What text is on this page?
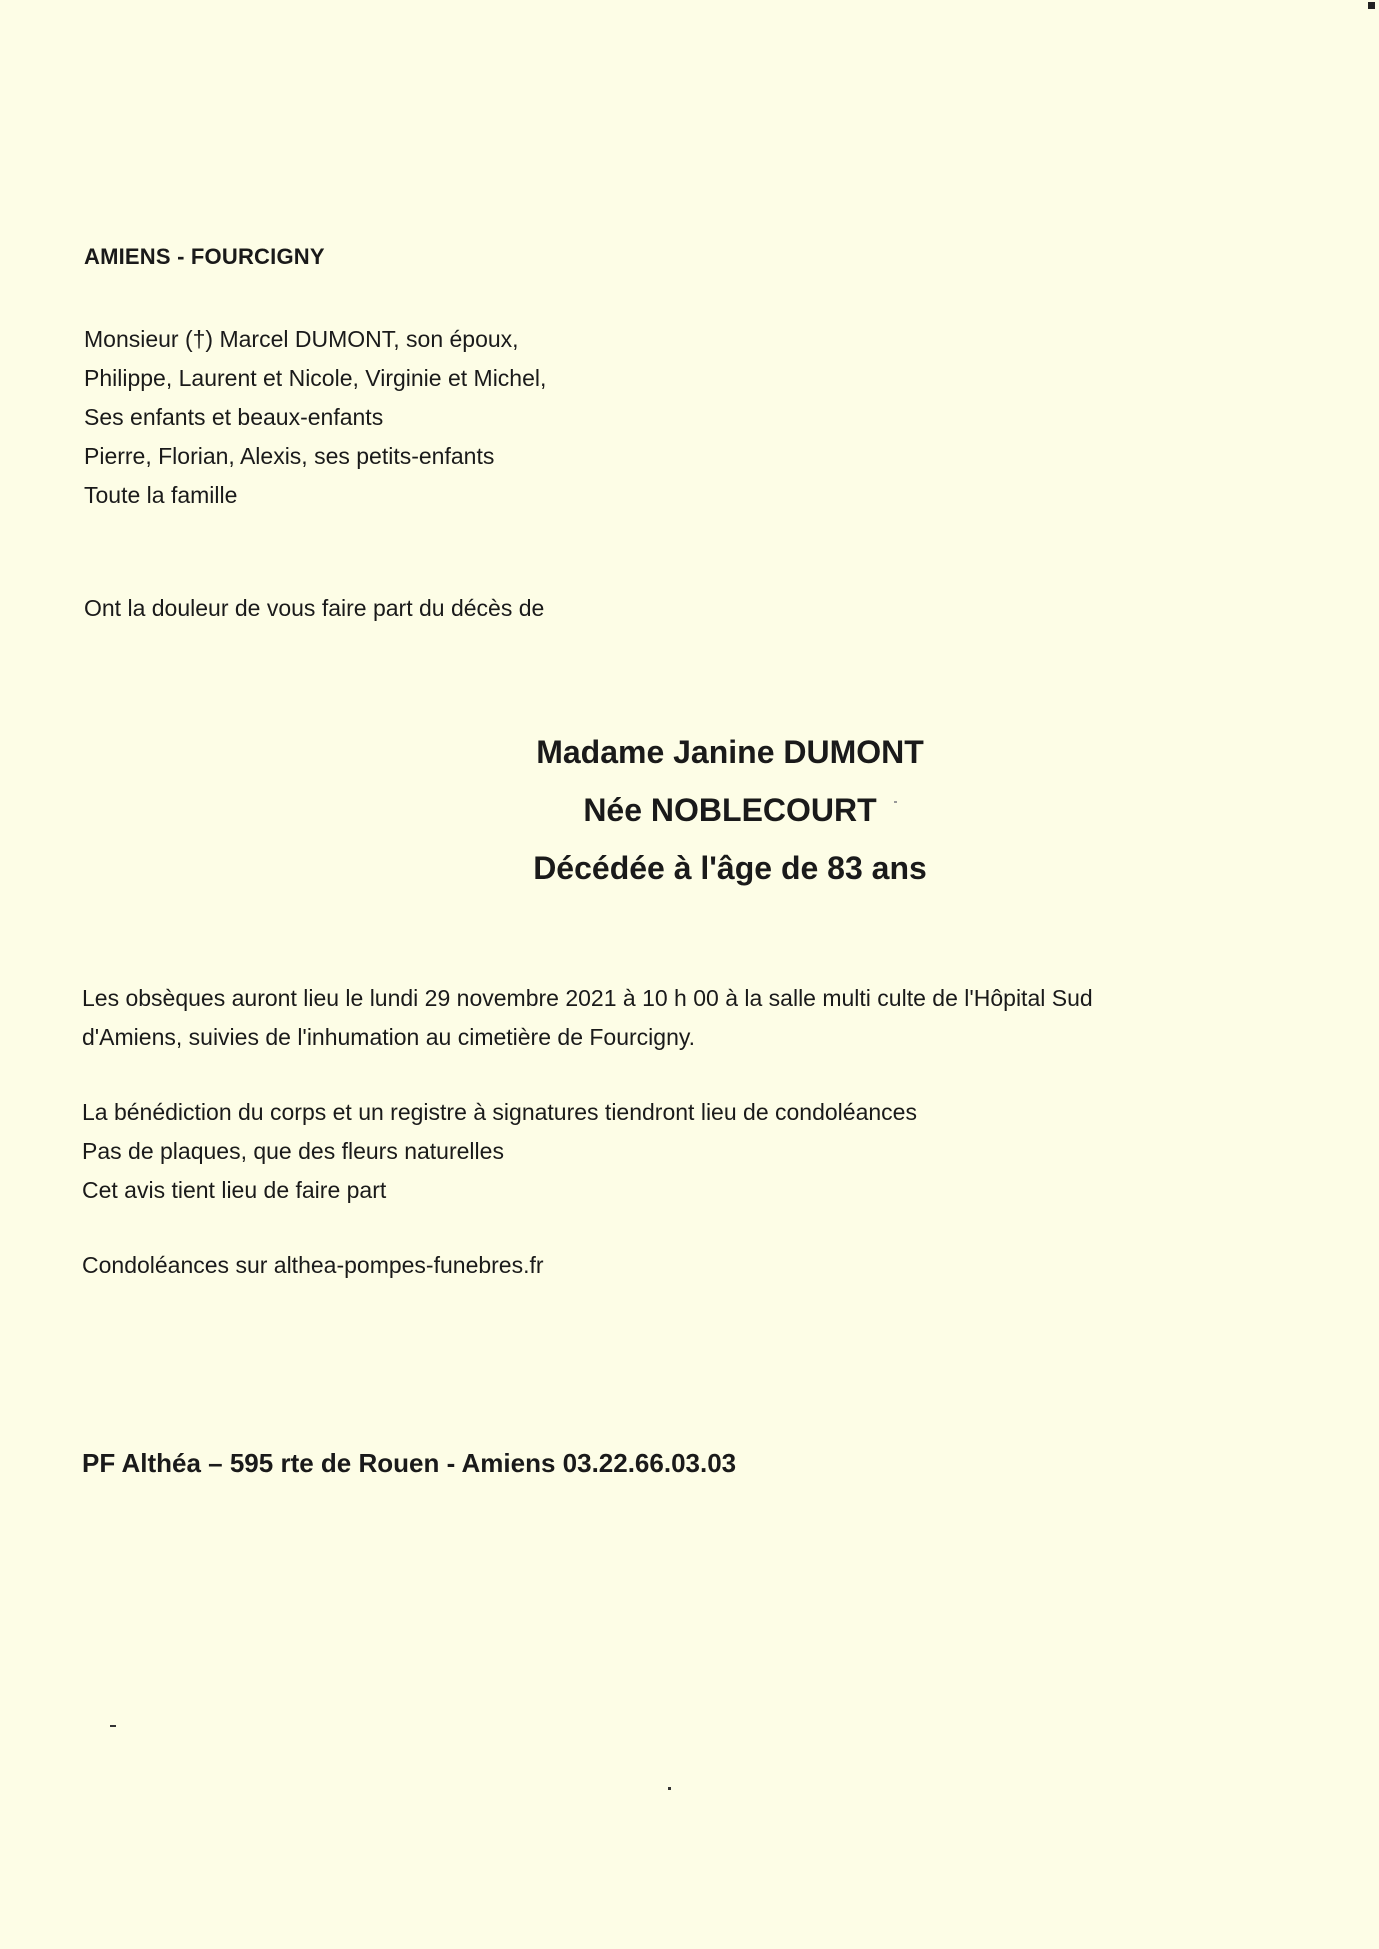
AMIENS - FOURCIGNY
Monsieur (†) Marcel DUMONT, son époux,
Philippe, Laurent et Nicole, Virginie et Michel,
Ses enfants et beaux-enfants
Pierre, Florian, Alexis, ses petits-enfants
Toute la famille
Ont la douleur de vous faire part du décès de
Madame Janine DUMONT
Née NOBLECOURT
Décédée à l'âge de 83 ans
Les obsèques auront lieu le lundi 29 novembre 2021 à 10 h 00 à la salle multi culte de l'Hôpital Sud
d'Amiens, suivies de l'inhumation au cimetière de Fourcigny.
La bénédiction du corps et un registre à signatures tiendront lieu de condoléances
Pas de plaques, que des fleurs naturelles
Cet avis tient lieu de faire part
Condoléances sur althea-pompes-funebres.fr
PF Althéa – 595 rte de Rouen - Amiens 03.22.66.03.03
